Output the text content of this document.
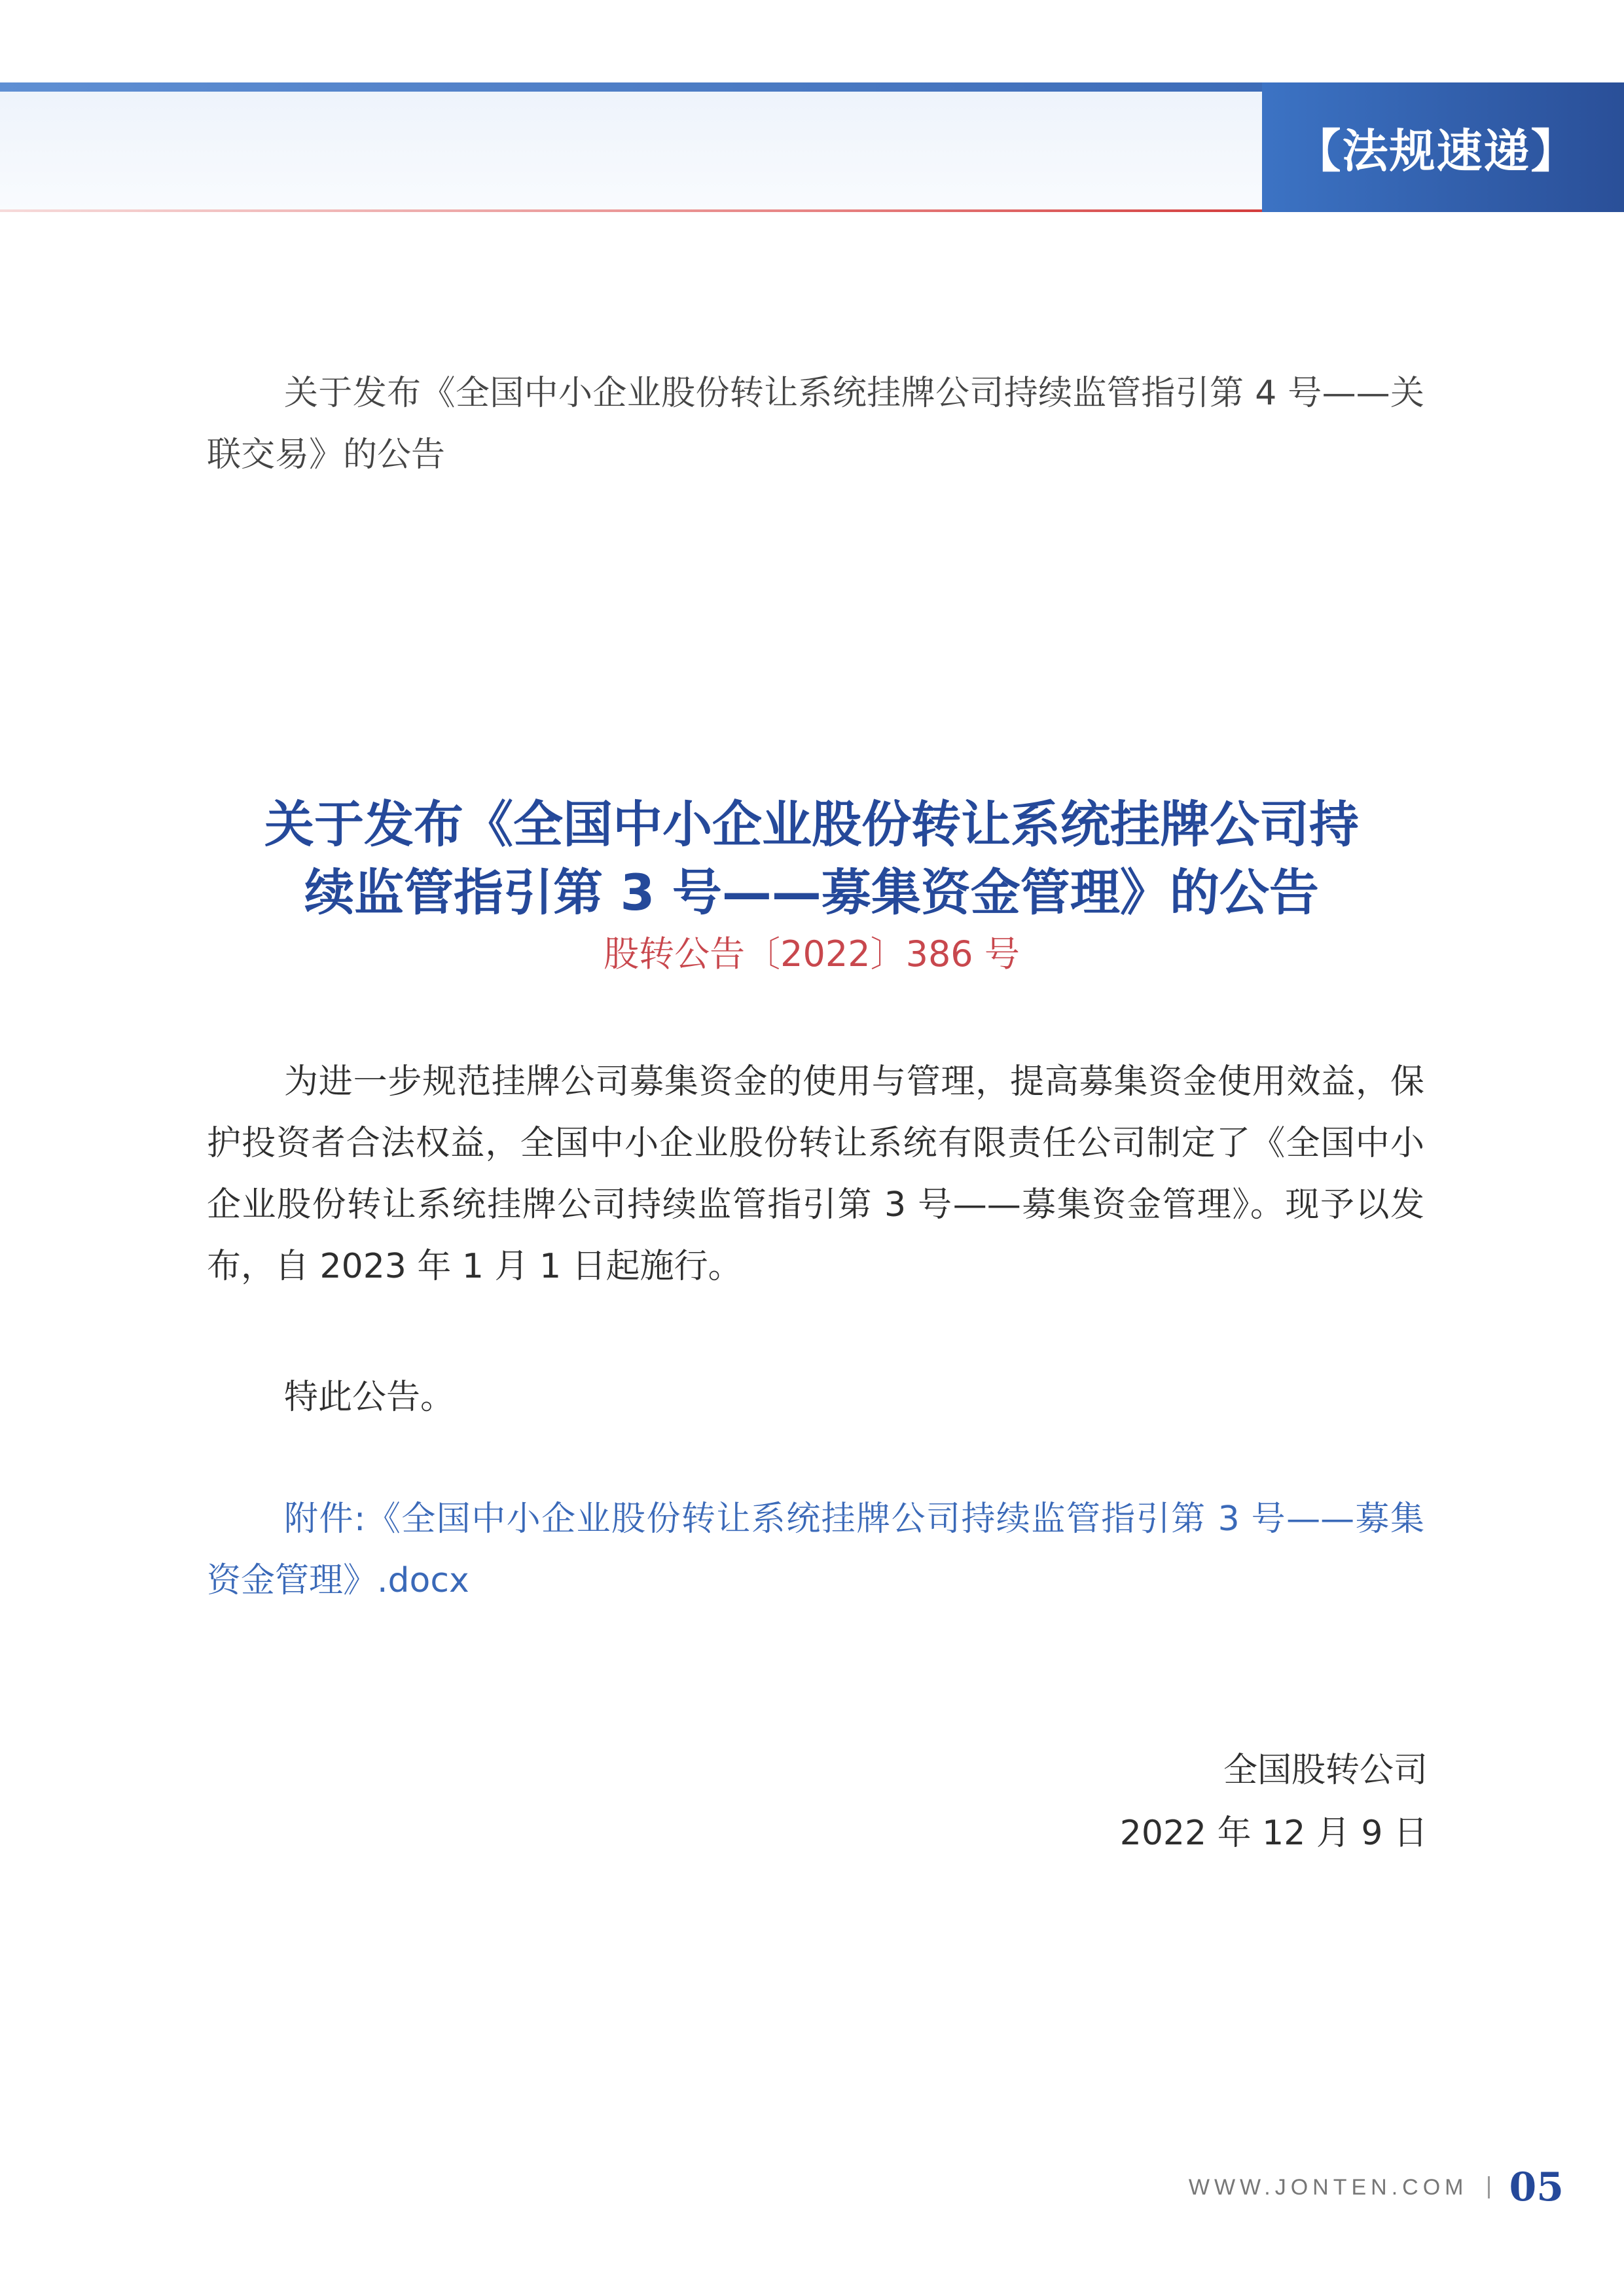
【法规速递】

关于发布《全国中小企业股份转让系统挂牌公司持续监管指引第 4 号——关联交易》的公告

关于发布《全国中小企业股份转让系统挂牌公司持
续监管指引第 3 号——募集资金管理》的公告

股转公告〔2022〕386 号

为进一步规范挂牌公司募集资金的使用与管理，提高募集资金使用效益，保护投资者合法权益，全国中小企业股份转让系统有限责任公司制定了《全国中小企业股份转让系统挂牌公司持续监管指引第 3 号——募集资金管理》。现予以发布，自 2023 年 1 月 1 日起施行。

特此公告。

附件:《全国中小企业股份转让系统挂牌公司持续监管指引第 3 号——募集资金管理》.docx

全国股转公司

2022 年 12 月 9 日

WWW.JONTEN.COM 05
